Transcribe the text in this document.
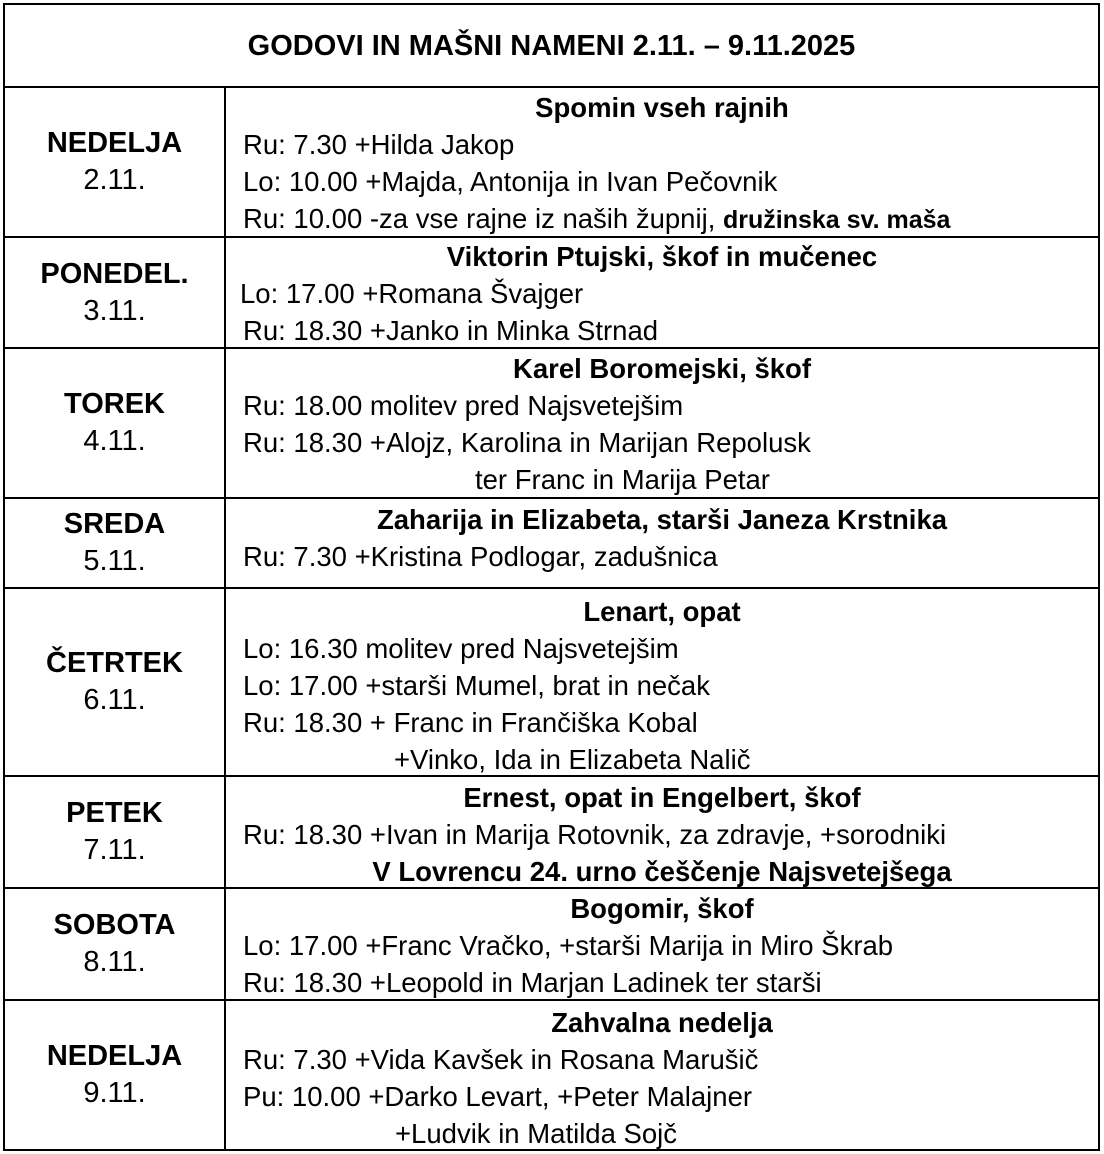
GODOVI IN MAŠNI NAMENI 2.11. – 9.11.2025
NEDELJA
2.11.
Spomin vseh rajnih
Ru: 7.30 +Hilda Jakop
Lo: 10.00 +Majda, Antonija in Ivan Pečovnik
Ru: 10.00 -za vse rajne iz naših župnij, družinska sv. maša
PONEDEL.
3.11.
Viktorin Ptujski, škof in mučenec
Lo: 17.00 +Romana Švajger
Ru: 18.30 +Janko in Minka Strnad
TOREK
4.11.
Karel Boromejski, škof
Ru: 18.00 molitev pred Najsvetejšim
Ru: 18.30 +Alojz, Karolina in Marijan Repolusk
ter Franc in Marija Petar
SREDA
5.11.
Zaharija in Elizabeta, starši Janeza Krstnika
Ru: 7.30 +Kristina Podlogar, zadušnica
ČETRTEK
6.11.
Lenart, opat
Lo: 16.30 molitev pred Najsvetejšim
Lo: 17.00 +starši Mumel, brat in nečak
Ru: 18.30 + Franc in Frančiška Kobal
+Vinko, Ida in Elizabeta Nalič
PETEK
7.11.
Ernest, opat in Engelbert, škof
Ru: 18.30 +Ivan in Marija Rotovnik, za zdravje, +sorodniki
V Lovrencu 24. urno češčenje Najsvetejšega
SOBOTA
8.11.
Bogomir, škof
Lo: 17.00 +Franc Vračko, +starši Marija in Miro Škrab
Ru: 18.30 +Leopold in Marjan Ladinek ter starši
NEDELJA
9.11.
Zahvalna nedelja
Ru: 7.30 +Vida Kavšek in Rosana Marušič
Pu: 10.00 +Darko Levart, +Peter Malajner
+Ludvik in Matilda Sojč
